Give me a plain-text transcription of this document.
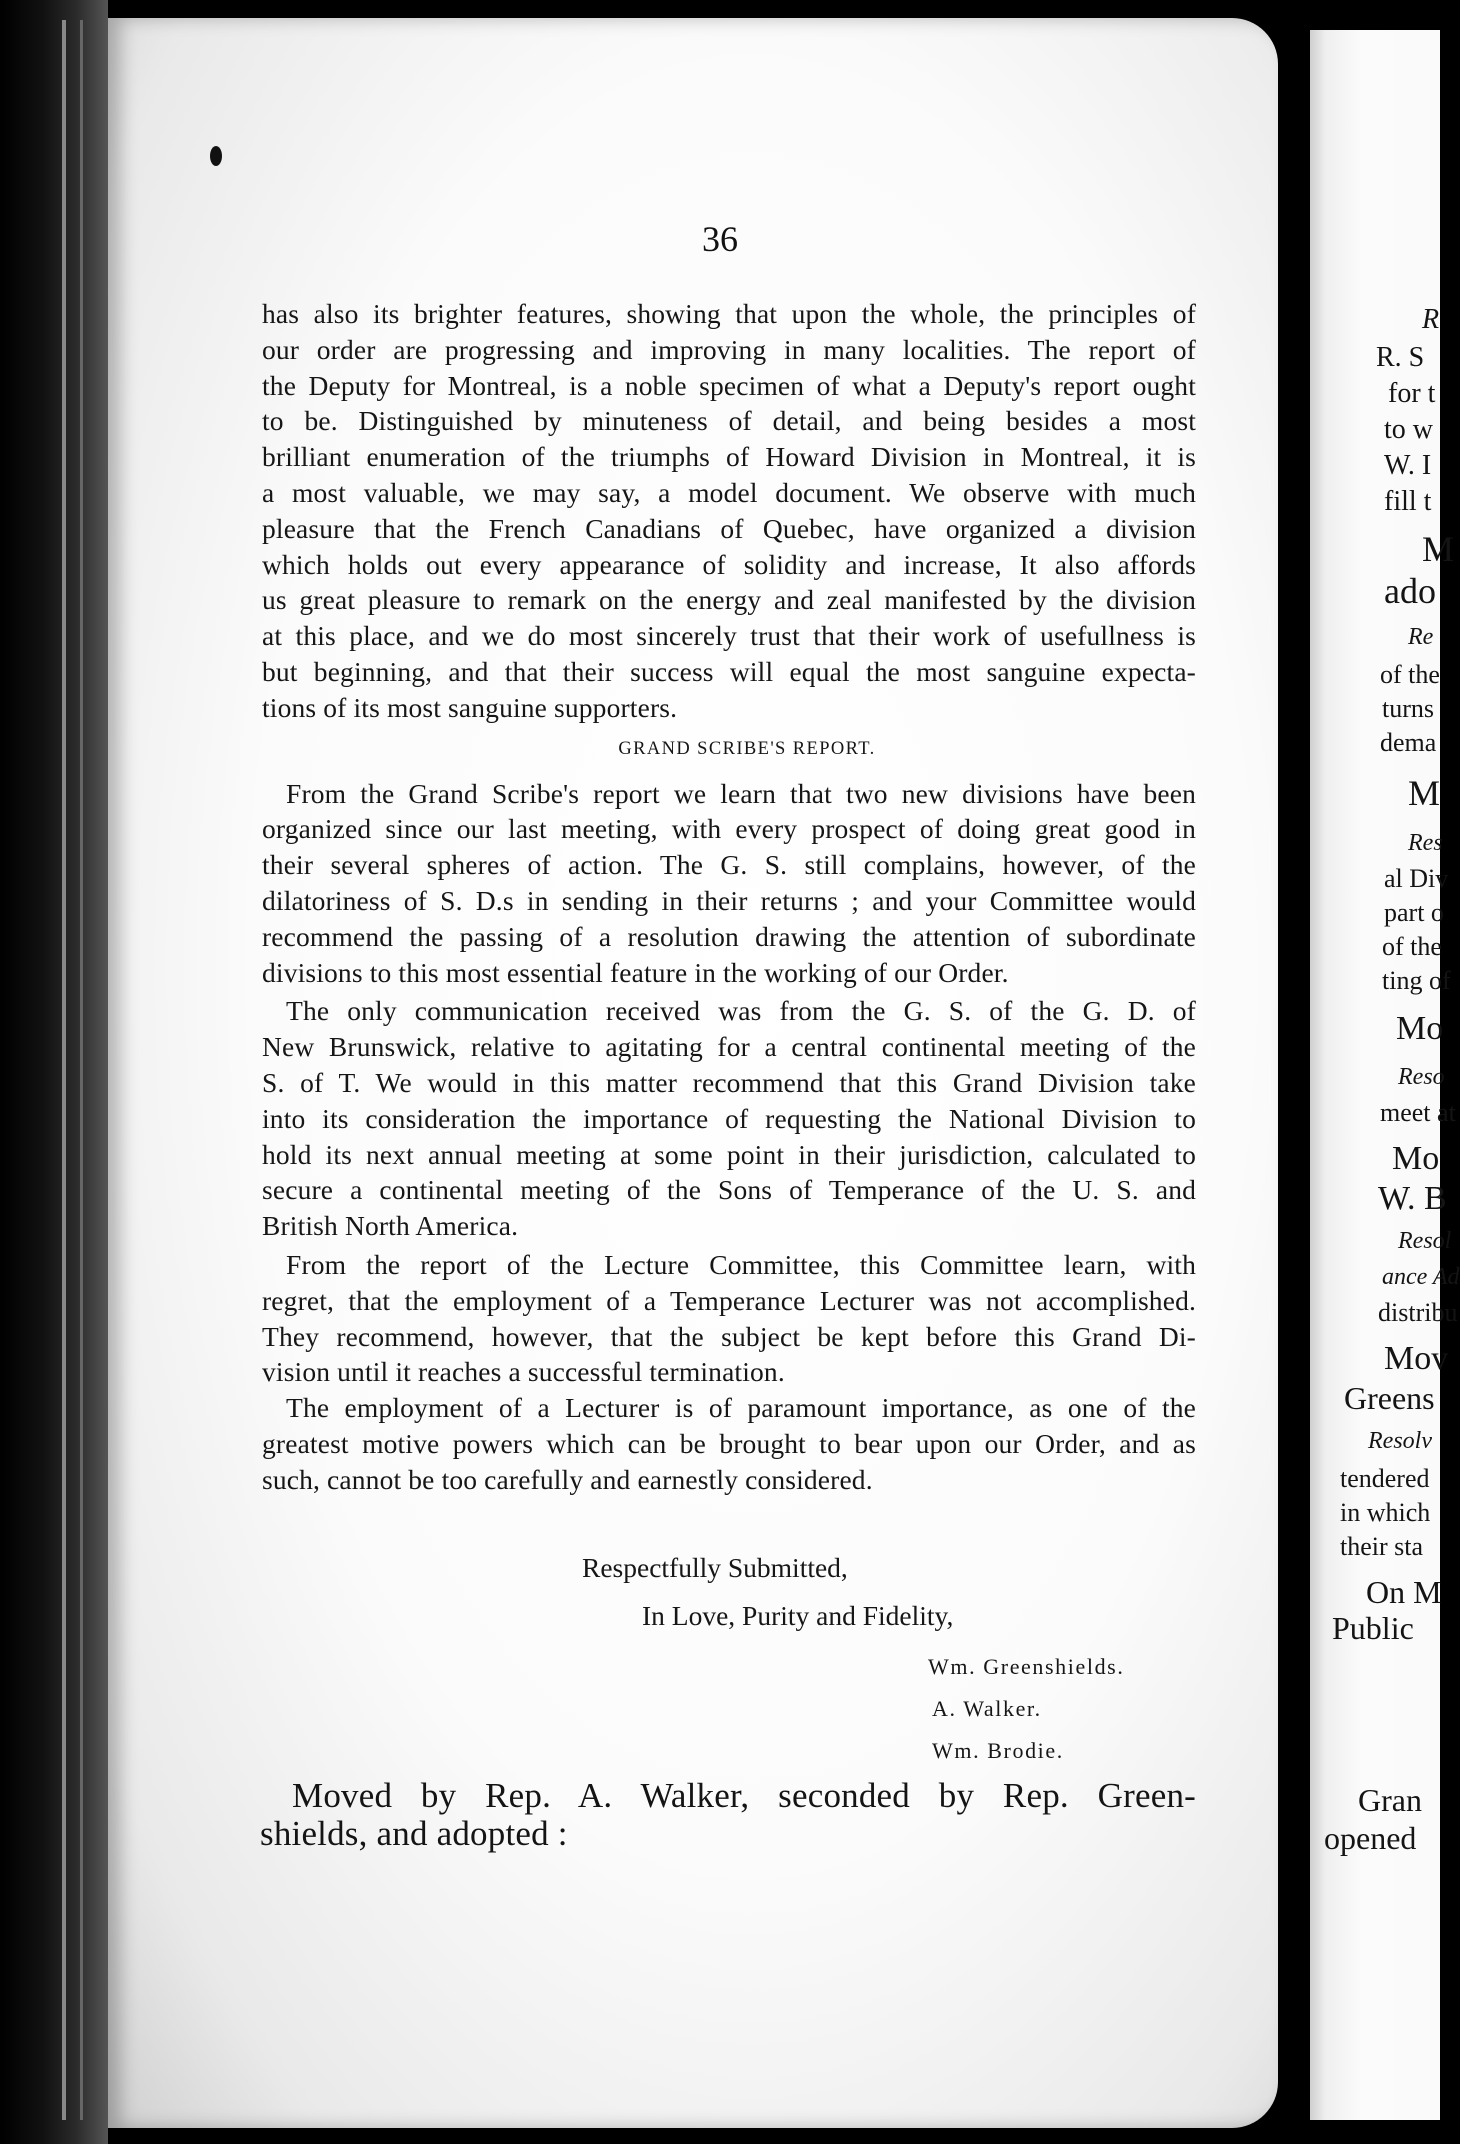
36
has also its brighter features, showing that upon the whole, the principles of
our order are progressing and improving in many localities. The report of
the Deputy for Montreal, is a noble specimen of what a Deputy's report ought
to be. Distinguished by minuteness of detail, and being besides a most
brilliant enumeration of the triumphs of Howard Division in Montreal, it is
a most valuable, we may say, a model document. We observe with much
pleasure that the French Canadians of Quebec, have organized a division
which holds out every appearance of solidity and increase, It also affords
us great pleasure to remark on the energy and zeal manifested by the division
at this place, and we do most sincerely trust that their work of usefullness is
but beginning, and that their success will equal the most sanguine expecta-
tions of its most sanguine supporters.
GRAND SCRIBE'S REPORT.
From the Grand Scribe's report we learn that two new divisions have been
organized since our last meeting, with every prospect of doing great good in
their several spheres of action. The G. S. still complains, however, of the
dilatoriness of S. D.s in sending in their returns ; and your Committee would
recommend the passing of a resolution drawing the attention of subordinate
divisions to this most essential feature in the working of our Order.
The only communication received was from the G. S. of the G. D. of
New Brunswick, relative to agitating for a central continental meeting of the
S. of T. We would in this matter recommend that this Grand Division take
into its consideration the importance of requesting the National Division to
hold its next annual meeting at some point in their jurisdiction, calculated to
secure a continental meeting of the Sons of Temperance of the U. S. and
British North America.
From the report of the Lecture Committee, this Committee learn, with
regret, that the employment of a Temperance Lecturer was not accomplished.
They recommend, however, that the subject be kept before this Grand Di-
vision until it reaches a successful termination.
The employment of a Lecturer is of paramount importance, as one of the
greatest motive powers which can be brought to bear upon our Order, and as
such, cannot be too carefully and earnestly considered.
Respectfully Submitted,
In Love, Purity and Fidelity,
Wm. Greenshields.
A. Walker.
Wm. Brodie.
Moved by Rep. A. Walker, seconded by Rep. Green-
shields, and adopted :
R
R. S
for t
to w
W. I
fill t
M
ado
Re
of the
turns
dema
M
Res
al Div
part o
of the
ting of
Mo
Reso
meet at
Mo
W. B
Resol
ance Ad
distribu
Mov
Greens
Resolv
tendered
in which
their sta
On M
Public
Gran
opened
